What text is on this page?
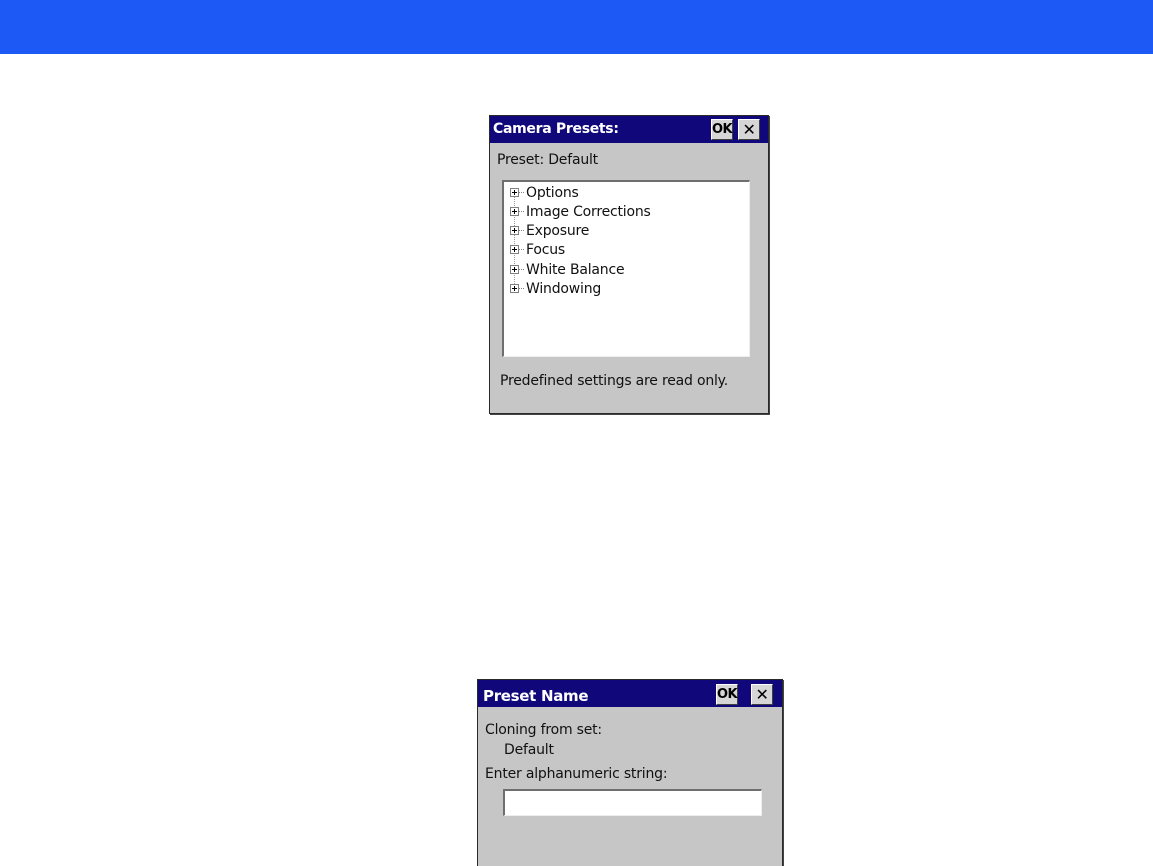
Camera Presets:	OK ✕
Preset: Default
Options
Image Corrections
Exposure
Focus
White Balance
Windowing
Predefined settings are read only.
Preset Name	OK ✕
Cloning from set:
Default
Enter alphanumeric string:
